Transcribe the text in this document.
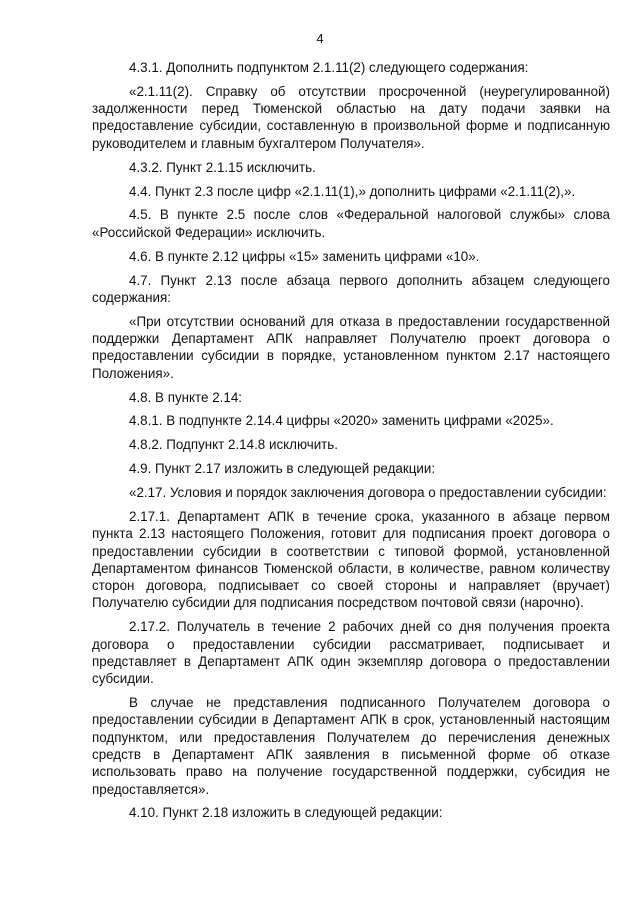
4

4.3.1. Дополнить подпунктом 2.1.11(2) следующего содержания:

«2.1.11(2). Справку об отсутствии просроченной (неурегулированной) задолженности перед Тюменской областью на дату подачи заявки на предоставление субсидии, составленную в произвольной форме и подписанную руководителем и главным бухгалтером Получателя».

4.3.2. Пункт 2.1.15 исключить.

4.4. Пункт 2.3 после цифр «2.1.11(1),» дополнить цифрами «2.1.11(2),».

4.5. В пункте 2.5 после слов «Федеральной налоговой службы» слова «Российской Федерации» исключить.

4.6. В пункте 2.12 цифры «15» заменить цифрами «10».

4.7. Пункт 2.13 после абзаца первого дополнить абзацем следующего содержания:

«При отсутствии оснований для отказа в предоставлении государственной поддержки Департамент АПК направляет Получателю проект договора о предоставлении субсидии в порядке, установленном пунктом 2.17 настоящего Положения».

4.8. В пункте 2.14:

4.8.1. В подпункте 2.14.4 цифры «2020» заменить цифрами «2025».

4.8.2. Подпункт 2.14.8 исключить.

4.9. Пункт 2.17 изложить в следующей редакции:

«2.17. Условия и порядок заключения договора о предоставлении субсидии:

2.17.1. Департамент АПК в течение срока, указанного в абзаце первом пункта 2.13 настоящего Положения, готовит для подписания проект договора о предоставлении субсидии в соответствии с типовой формой, установленной Департаментом финансов Тюменской области, в количестве, равном количеству сторон договора, подписывает со своей стороны и направляет (вручает) Получателю субсидии для подписания посредством почтовой связи (нарочно).

2.17.2. Получатель в течение 2 рабочих дней со дня получения проекта договора о предоставлении субсидии рассматривает, подписывает и представляет в Департамент АПК один экземпляр договора о предоставлении субсидии.

В случае не представления подписанного Получателем договора о предоставлении субсидии в Департамент АПК в срок, установленный настоящим подпунктом, или предоставления Получателем до перечисления денежных средств в Департамент АПК заявления в письменной форме об отказе использовать право на получение государственной поддержки, субсидия не предоставляется».

4.10. Пункт 2.18 изложить в следующей редакции:
